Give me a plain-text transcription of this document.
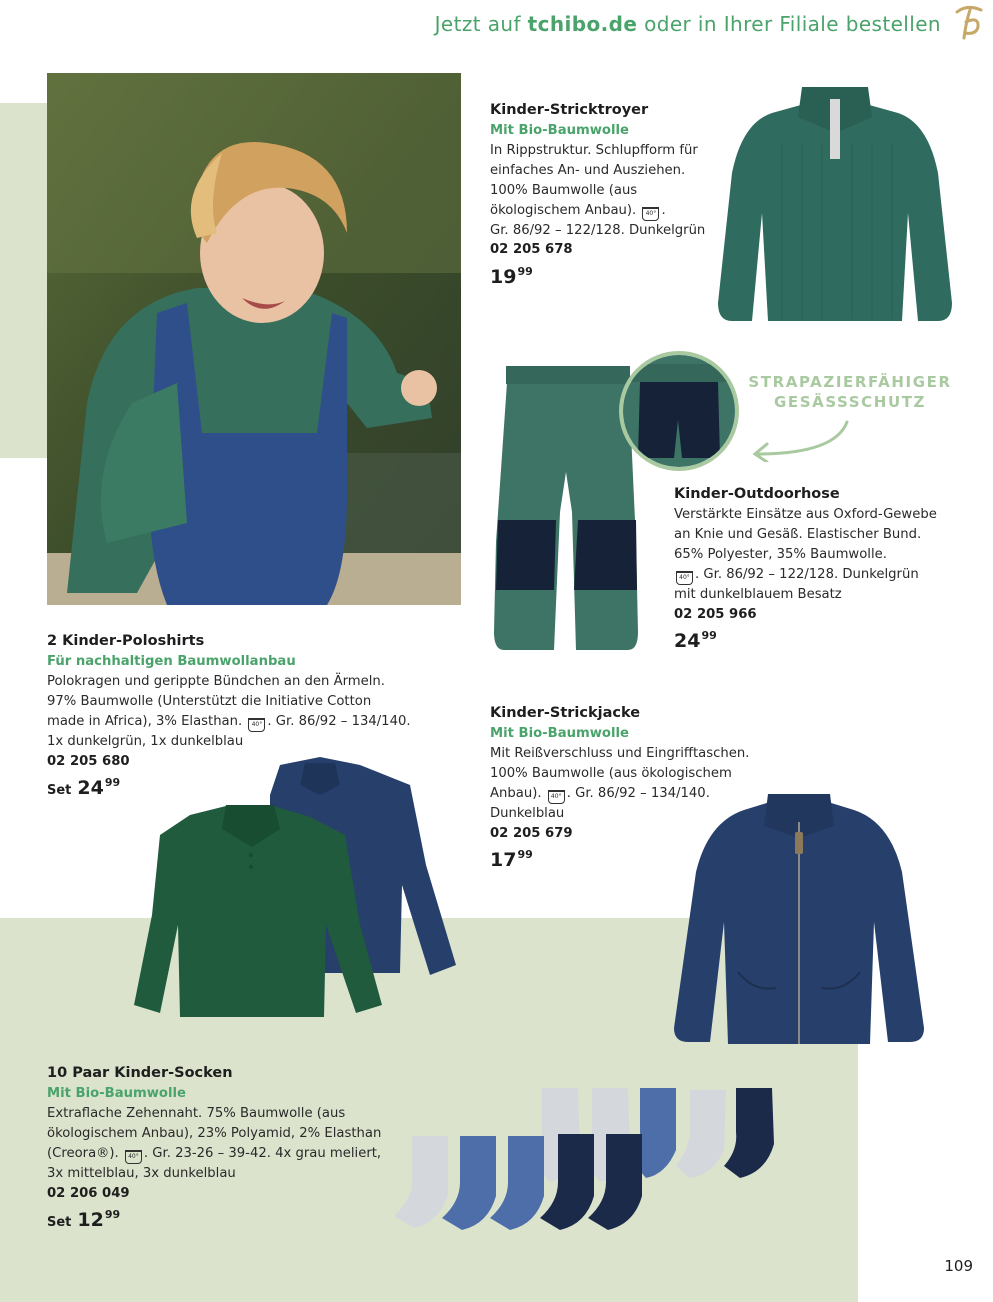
Jetzt auf tchibo.de oder in Ihrer Filiale bestellen
Kinder-Stricktroyer
Mit Bio-Baumwolle
In Rippstruktur. Schlupfform für
einfaches An- und Ausziehen.
100% Baumwolle (aus
ökologischem Anbau). 40° .
Gr. 86/92 – 122/128. Dunkelgrün
02 205 678
$19^{99}$
STRAPAZIERFÄHIGER
GESÄSSSCHUTZ
Kinder-Outdoorhose
Verstärkte Einsätze aus Oxford-Gewebe
an Knie und Gesäß. Elastischer Bund.
65% Polyester, 35% Baumwolle.
40° . Gr. 86/92 – 122/128. Dunkelgrün
mit dunkelblauem Besatz
02 205 966
$24^{99}$
2 Kinder-Poloshirts
Für nachhaltigen Baumwollanbau
Polokragen und gerippte Bündchen an den Ärmeln.
97% Baumwolle (Unterstützt die Initiative Cotton
made in Africa), 3% Elasthan. 40° . Gr. 86/92 – 134/140.
1x dunkelgrün, 1x dunkelblau
02 205 680
Set $24^{99}$
Kinder-Strickjacke
Mit Bio-Baumwolle
Mit Reißverschluss und Eingrifftaschen.
100% Baumwolle (aus ökologischem
Anbau). 40° . Gr. 86/92 – 134/140.
Dunkelblau
02 205 679
$17^{99}$
10 Paar Kinder-Socken
Mit Bio-Baumwolle
Extraflache Zehennaht. 75% Baumwolle (aus
ökologischem Anbau), 23% Polyamid, 2% Elasthan
(Creora®). 40° . Gr. 23-26 – 39-42. 4x grau meliert,
3x mittelblau, 3x dunkelblau
02 206 049
Set $12^{99}$
109
